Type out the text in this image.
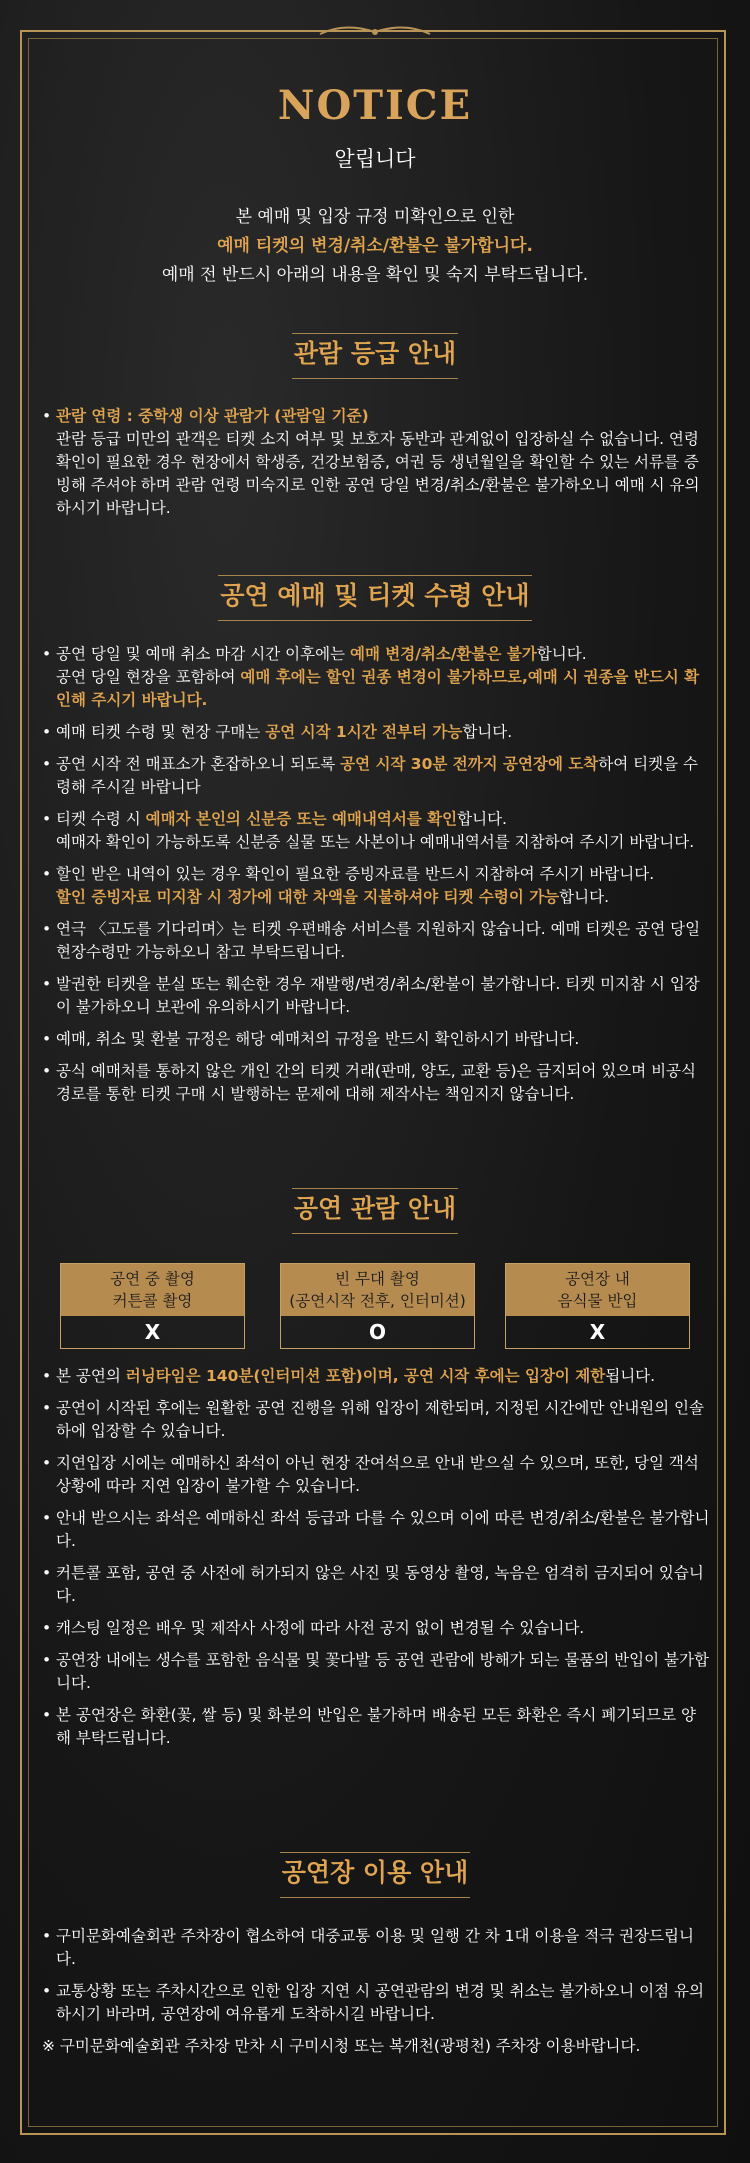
NOTICE
알립니다
본 예매 및 입장 규정 미확인으로 인한
예매 티켓의 변경/취소/환불은 불가합니다.
예매 전 반드시 아래의 내용을 확인 및 숙지 부탁드립니다.
관람 등급 안내
• 관람 연령 : 중학생 이상 관람가 (관람일 기준)
관람 등급 미만의 관객은 티켓 소지 여부 및 보호자 동반과 관계없이 입장하실 수 없습니다. 연령 확인이 필요한 경우 현장에서 학생증, 건강보험증, 여권 등 생년월일을 확인할 수 있는 서류를 증빙해 주셔야 하며 관람 연령 미숙지로 인한 공연 당일 변경/취소/환불은 불가하오니 예매 시 유의하시기 바랍니다.
공연 예매 및 티켓 수령 안내
• 공연 당일 및 예매 취소 마감 시간 이후에는 예매 변경/취소/환불은 불가합니다.
공연 당일 현장을 포함하여 예매 후에는 할인 권종 변경이 불가하므로,예매 시 권종을 반드시 확인해 주시기 바랍니다.
• 예매 티켓 수령 및 현장 구매는 공연 시작 1시간 전부터 가능합니다.
• 공연 시작 전 매표소가 혼잡하오니 되도록 공연 시작 30분 전까지 공연장에 도착하여 티켓을 수령해 주시길 바랍니다
• 티켓 수령 시 예매자 본인의 신분증 또는 예매내역서를 확인합니다.
예매자 확인이 가능하도록 신분증 실물 또는 사본이나 예매내역서를 지참하여 주시기 바랍니다.
• 할인 받은 내역이 있는 경우 확인이 필요한 증빙자료를 반드시 지참하여 주시기 바랍니다.
할인 증빙자료 미지참 시 정가에 대한 차액을 지불하셔야 티켓 수령이 가능합니다.
• 연극 〈고도를 기다리며〉는 티켓 우편배송 서비스를 지원하지 않습니다. 예매 티켓은 공연 당일 현장수령만 가능하오니 참고 부탁드립니다.
• 발권한 티켓을 분실 또는 훼손한 경우 재발행/변경/취소/환불이 불가합니다. 티켓 미지참 시 입장이 불가하오니 보관에 유의하시기 바랍니다.
• 예매, 취소 및 환불 규정은 해당 예매처의 규정을 반드시 확인하시기 바랍니다.
• 공식 예매처를 통하지 않은 개인 간의 티켓 거래(판매, 양도, 교환 등)은 금지되어 있으며 비공식 경로를 통한 티켓 구매 시 발행하는 문제에 대해 제작사는 책임지지 않습니다.
공연 관람 안내
공연 중 촬영
커튼콜 촬영
X
빈 무대 촬영
(공연시작 전후, 인터미션)
O
공연장 내
음식물 반입
X
• 본 공연의 러닝타임은 140분(인터미션 포함)이며, 공연 시작 후에는 입장이 제한됩니다.
• 공연이 시작된 후에는 원활한 공연 진행을 위해 입장이 제한되며, 지정된 시간에만 안내원의 인솔하에 입장할 수 있습니다.
• 지연입장 시에는 예매하신 좌석이 아닌 현장 잔여석으로 안내 받으실 수 있으며, 또한, 당일 객석 상황에 따라 지연 입장이 불가할 수 있습니다.
• 안내 받으시는 좌석은 예매하신 좌석 등급과 다를 수 있으며 이에 따른 변경/취소/환불은 불가합니다.
• 커튼콜 포함, 공연 중 사전에 허가되지 않은 사진 및 동영상 촬영, 녹음은 엄격히 금지되어 있습니다.
• 캐스팅 일정은 배우 및 제작사 사정에 따라 사전 공지 없이 변경될 수 있습니다.
• 공연장 내에는 생수를 포함한 음식물 및 꽃다발 등 공연 관람에 방해가 되는 물품의 반입이 불가합니다.
• 본 공연장은 화환(꽃, 쌀 등) 및 화분의 반입은 불가하며 배송된 모든 화환은 즉시 폐기되므로 양해 부탁드립니다.
공연장 이용 안내
• 구미문화예술회관 주차장이 협소하여 대중교통 이용 및 일행 간 차 1대 이용을 적극 권장드립니다.
• 교통상황 또는 주차시간으로 인한 입장 지연 시 공연관람의 변경 및 취소는 불가하오니 이점 유의하시기 바라며, 공연장에 여유롭게 도착하시길 바랍니다.
※ 구미문화예술회관 주차장 만차 시 구미시청 또는 복개천(광평천) 주차장 이용바랍니다.
